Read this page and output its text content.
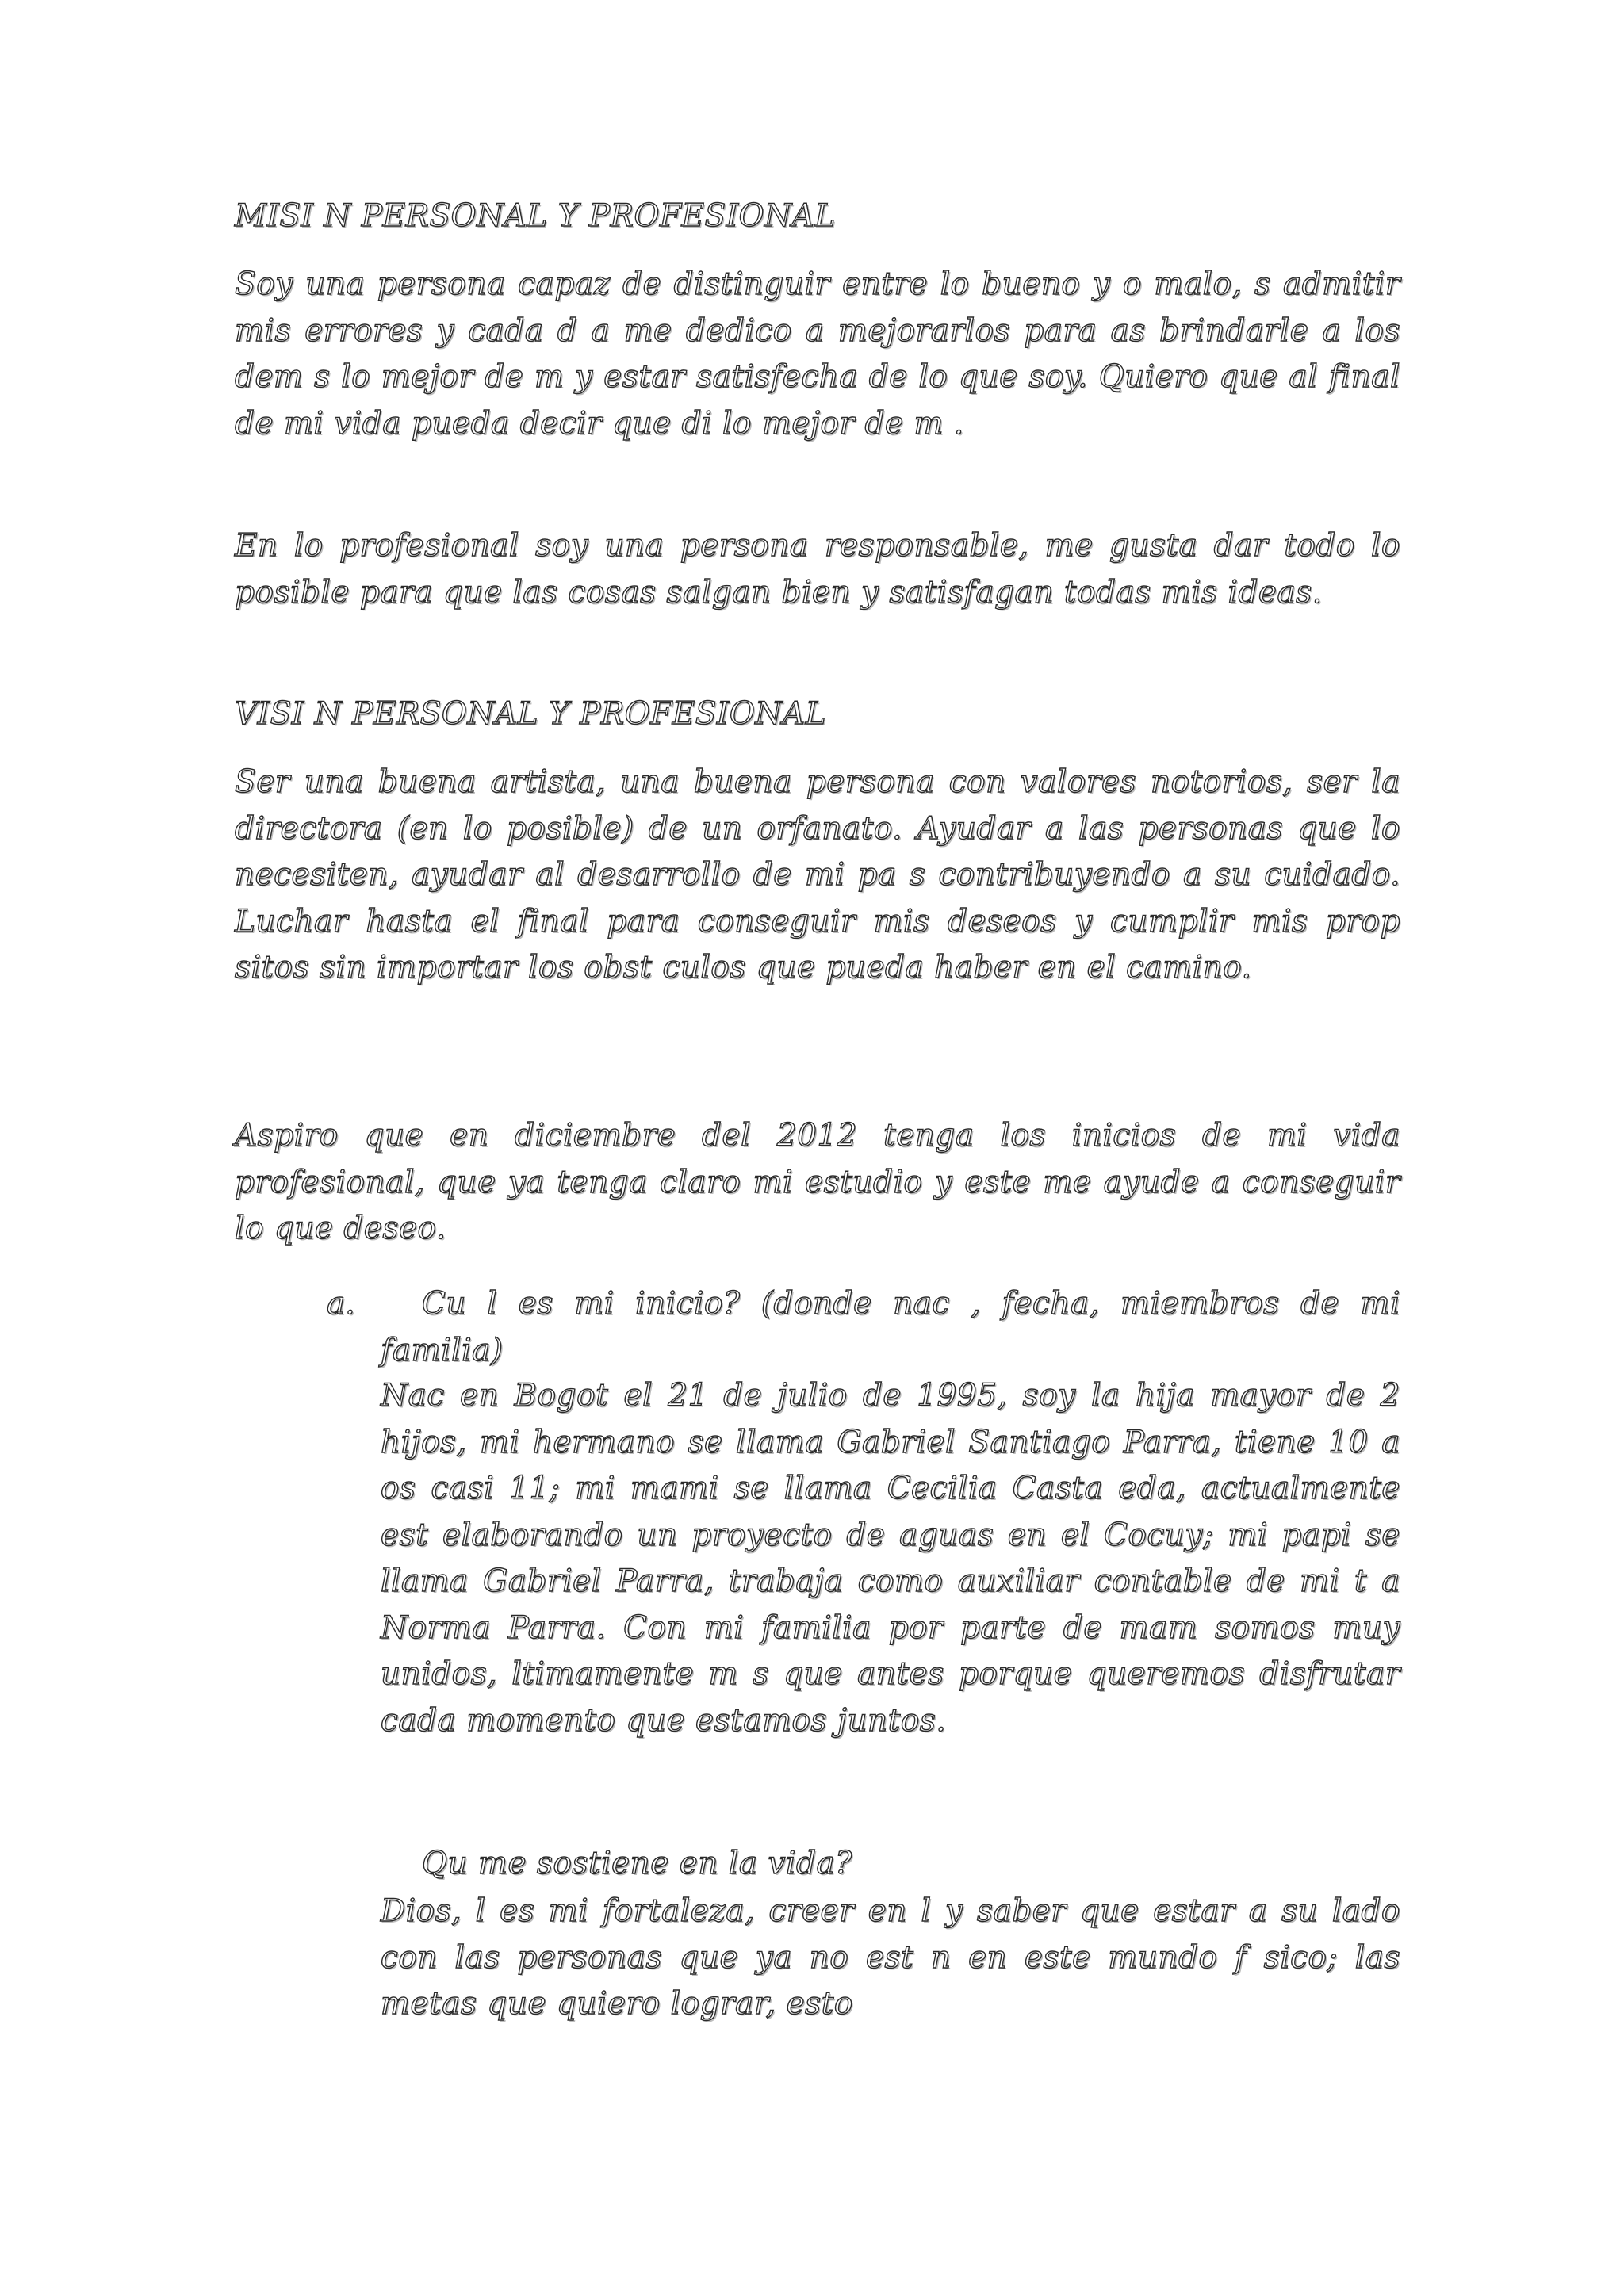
MISI N PERSONAL Y PROFESIONAL
Soy una persona capaz de distinguir entre lo bueno y o malo, s admitir mis errores y cada d a me dedico a mejorarlos para as brindarle a los dem s lo mejor de m y estar satisfecha de lo que soy. Quiero que al final de mi vida pueda decir que di lo mejor de m .
En lo profesional soy una persona responsable, me gusta dar todo lo posible para que las cosas salgan bien y satisfagan todas mis ideas.
VISI N PERSONAL Y PROFESIONAL
Ser una buena artista, una buena persona con valores notorios, ser la directora (en lo posible) de un orfanato. Ayudar a las personas que lo necesiten, ayudar al desarrollo de mi pa s contribuyendo a su cuidado. Luchar hasta el final para conseguir mis deseos y cumplir mis prop sitos sin importar los obst culos que pueda haber en el camino.
Aspiro que en diciembre del 2012 tenga los inicios de mi vida profesional, que ya tenga claro mi estudio y este me ayude a conseguir lo que deseo.
a.	Cu l es mi inicio? (donde nac , fecha, miembros de mi familia)
Nac en Bogot el 21 de julio de 1995, soy la hija mayor de 2 hijos, mi hermano se llama Gabriel Santiago Parra, tiene 10 a os casi 11; mi mami se llama Cecilia Casta eda, actualmente est elaborando un proyecto de aguas en el Cocuy; mi papi se llama Gabriel Parra, trabaja como auxiliar contable de mi t a Norma Parra. Con mi familia por parte de mam somos muy unidos, ltimamente m s que antes porque queremos disfrutar cada momento que estamos juntos.
Qu me sostiene en la vida?
Dios, l es mi fortaleza, creer en l y saber que estar a su lado con las personas que ya no est n en este mundo f sico; las metas que quiero lograr, esto
